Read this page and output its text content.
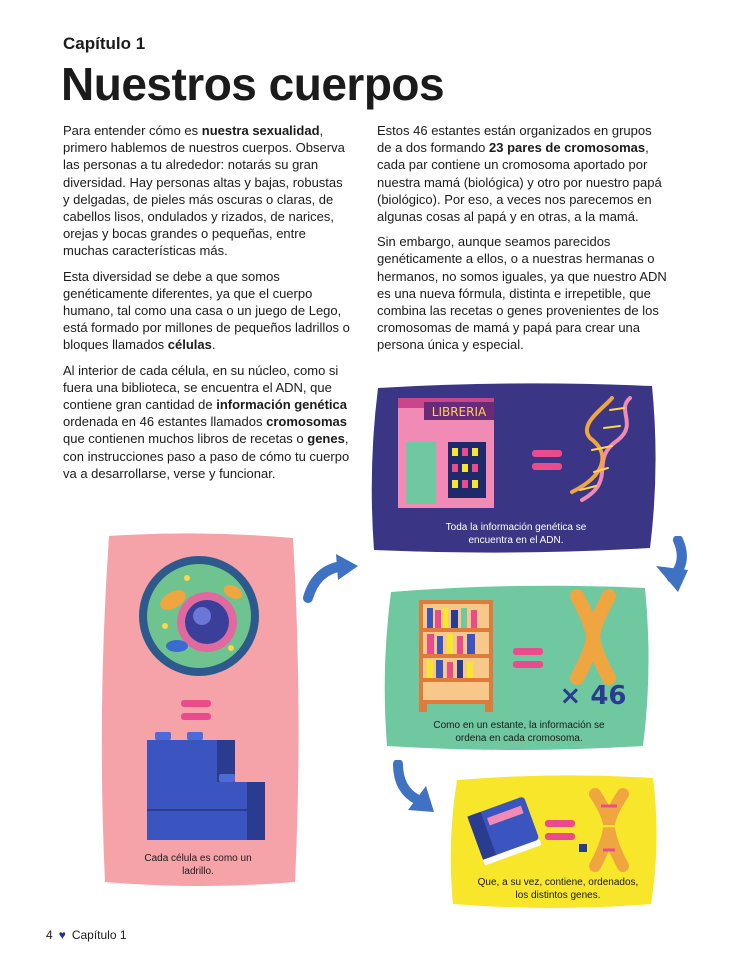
Capítulo 1
Nuestros cuerpos

Para entender cómo es nuestra sexualidad, primero hablemos de nuestros cuerpos. Observa las personas a tu alrededor: notarás su gran diversidad. Hay personas altas y bajas, robustas y delgadas, de pieles más oscuras o claras, de cabellos lisos, ondulados y rizados, de narices, orejas y bocas grandes o pequeñas, entre muchas características más.

Esta diversidad se debe a que somos genéticamente diferentes, ya que el cuerpo humano, tal como una casa o un juego de Lego, está formado por millones de pequeños ladrillos o bloques llamados células.

Al interior de cada célula, en su núcleo, como si fuera una biblioteca, se encuentra el ADN, que contiene gran cantidad de información genética ordenada en 46 estantes llamados cromosomas que contienen muchos libros de recetas o genes, con instrucciones paso a paso de cómo tu cuerpo va a desarrollarse, verse y funcionar.

Estos 46 estantes están organizados en grupos de a dos formando 23 pares de cromosomas, cada par contiene un cromosoma aportado por nuestra mamá (biológica) y otro por nuestro papá (biológico). Por eso, a veces nos parecemos en algunas cosas al papá y en otras, a la mamá.

Sin embargo, aunque seamos parecidos genéticamente a ellos, o a nuestras hermanas o hermanos, no somos iguales, ya que nuestro ADN es una nueva fórmula, distinta e irrepetible, que combina las recetas o genes provenientes de los cromosomas de mamá y papá para crear una persona única y especial.

Cada célula es como un ladrillo.
LIBRERIA
Toda la información genética se encuentra en el ADN.
× 46
Como en un estante, la información se ordena en cada cromosoma.
Que, a su vez, contiene, ordenados, los distintos genes.
4 ♥ Capítulo 1
